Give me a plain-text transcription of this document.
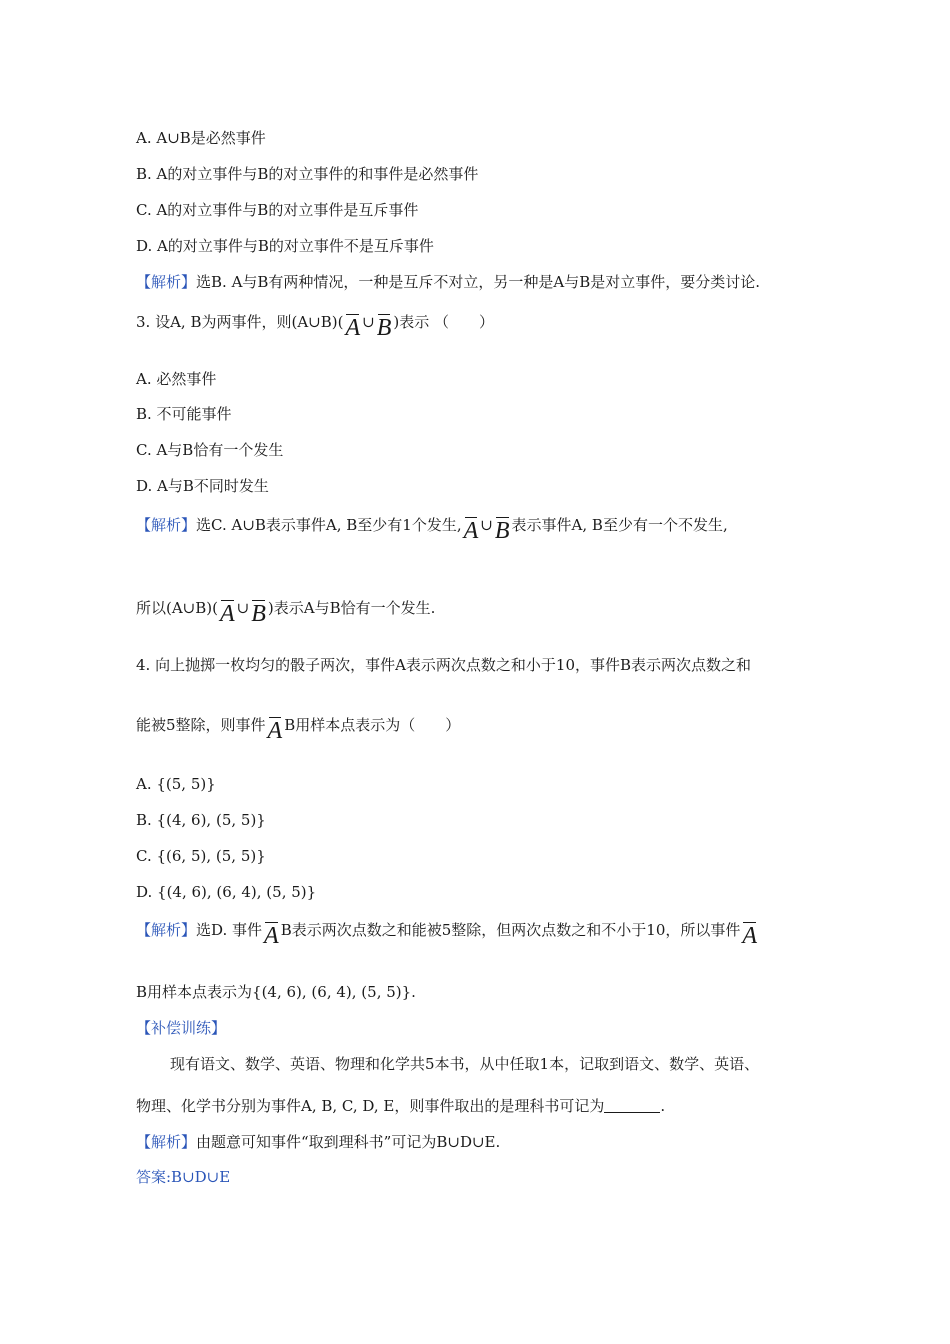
A. A∪B是必然事件
B. A的对立事件与B的对立事件的和事件是必然事件
C. A的对立事件与B的对立事件是互斥事件
D. A的对立事件与B的对立事件不是互斥事件
【解析】选B. A与B有两种情况，一种是互斥不对立，另一种是A与B是对立事件，要分类讨论.
3. 设A, B为两事件，则(A∪B)(A ∪B )表示 （　　）
A. 必然事件
B. 不可能事件
C. A与B恰有一个发生
D. A与B不同时发生
【解析】选C. A∪B表示事件A, B至少有1个发生,A ∪B 表示事件A, B至少有一个不发生,
所以(A∪B)(A ∪B )表示A与B恰有一个发生.
4. 向上抛掷一枚均匀的骰子两次，事件A表示两次点数之和小于10，事件B表示两次点数之和
能被5整除，则事件A B用样本点表示为（　　）
A. {(5, 5)}
B. {(4, 6), (5, 5)}
C. {(6, 5), (5, 5)}
D. {(4, 6), (6, 4), (5, 5)}
【解析】选D. 事件A B表示两次点数之和能被5整除，但两次点数之和不小于10，所以事件A
B用样本点表示为{(4, 6), (6, 4), (5, 5)}.
【补偿训练】
现有语文、数学、英语、物理和化学共5本书，从中任取1本，记取到语文、数学、英语、
物理、化学书分别为事件A, B, C, D, E，则事件取出的是理科书可记为	.
【解析】由题意可知事件“取到理科书”可记为B∪D∪E.
答案:B∪D∪E
